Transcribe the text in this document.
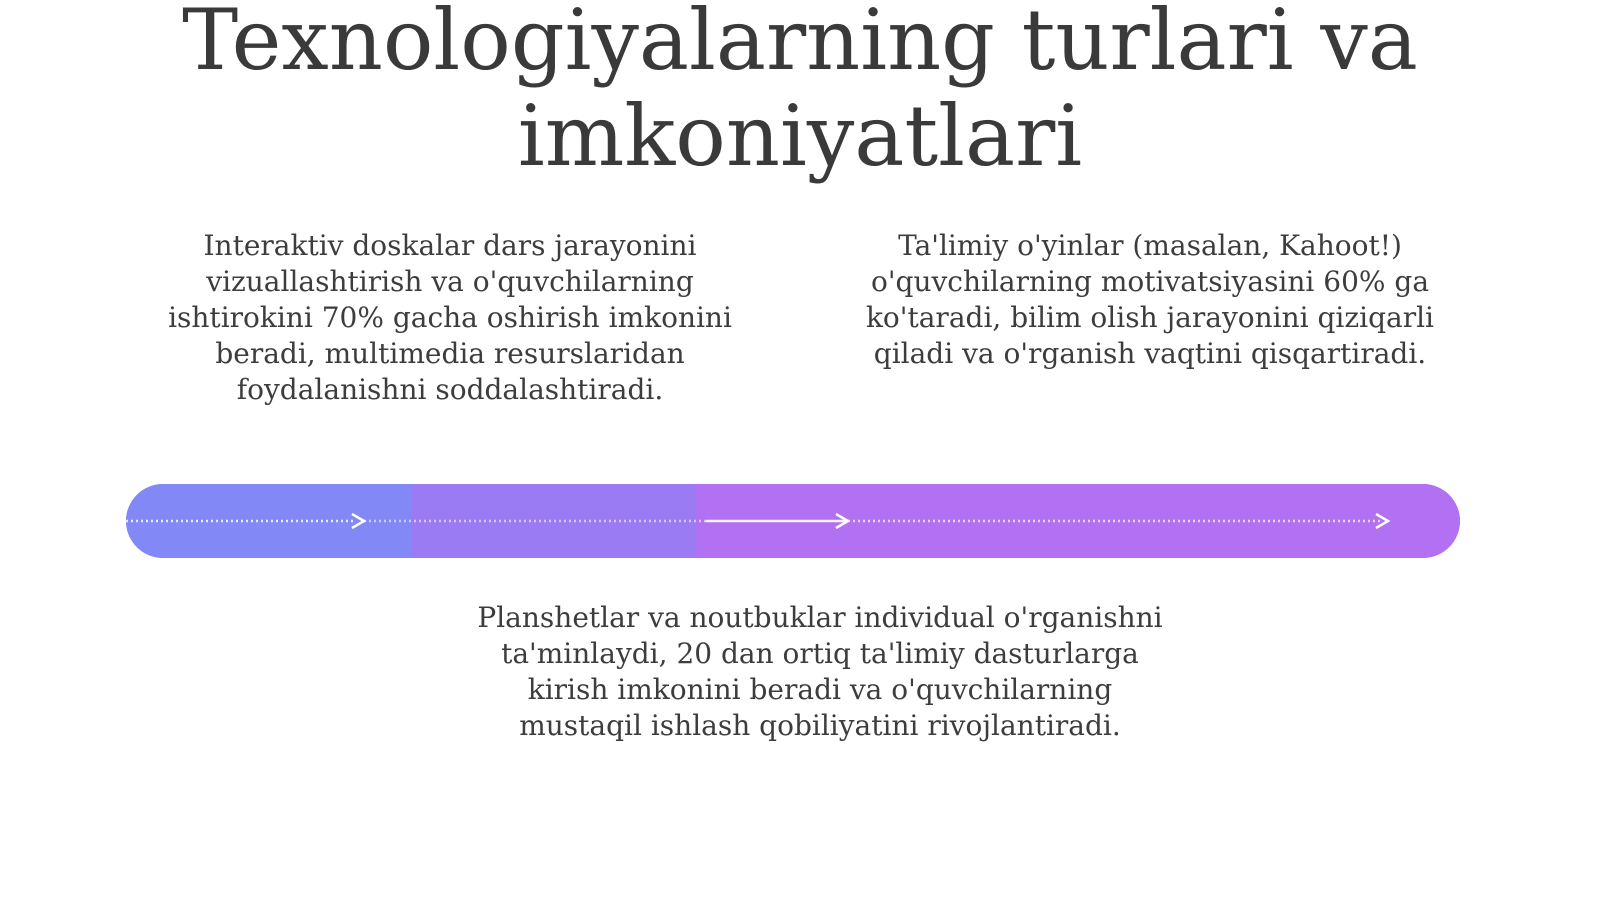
Texnologiyalarning turlari va
imkoniyatlari
Interaktiv doskalar dars jarayonini
vizuallashtirish va o'quvchilarning
ishtirokini 70% gacha oshirish imkonini
beradi, multimedia resurslaridan
foydalanishni soddalashtiradi.
Ta'limiy o'yinlar (masalan, Kahoot!)
o'quvchilarning motivatsiyasini 60% ga
ko'taradi, bilim olish jarayonini qiziqarli
qiladi va o'rganish vaqtini qisqartiradi.
Planshetlar va noutbuklar individual o'rganishni
ta'minlaydi, 20 dan ortiq ta'limiy dasturlarga
kirish imkonini beradi va o'quvchilarning
mustaqil ishlash qobiliyatini rivojlantiradi.
